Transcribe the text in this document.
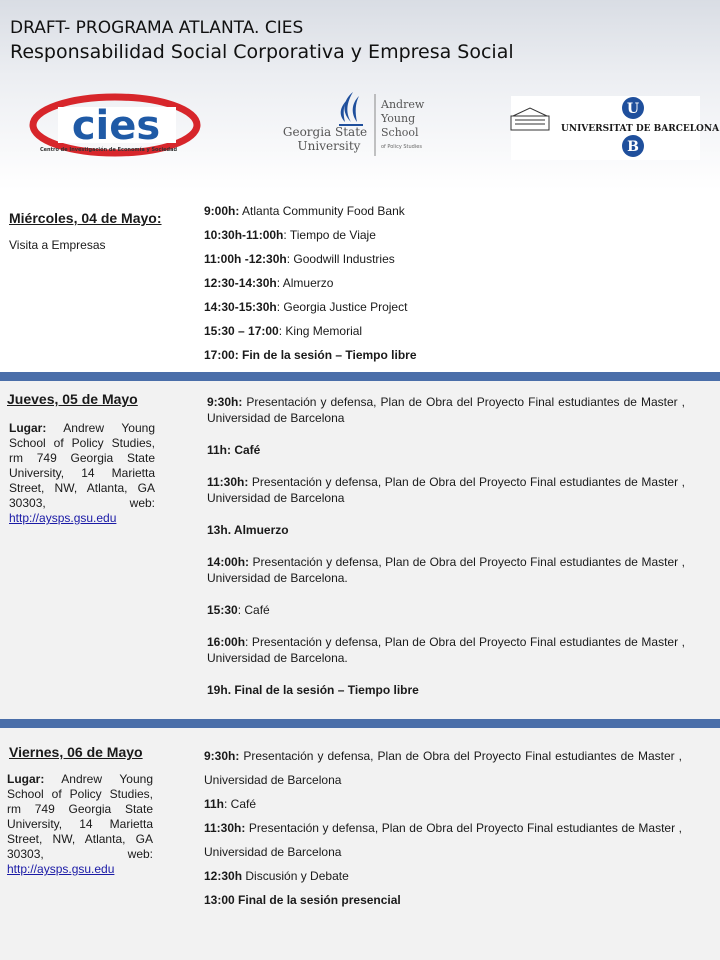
DRAFT- PROGRAMA ATLANTA. CIES
Responsabilidad Social Corporativa y Empresa Social
cies
Centro de Investigación de Economía y Sociedad
Georgia State
University
Andrew
Young
School
of Policy Studies
U
B
UNIVERSITAT DE BARCELONA
Miércoles, 04 de Mayo:
Visita a Empresas
9:00h: Atlanta Community Food Bank
10:30h-11:00h: Tiempo de Viaje
11:00h -12:30h: Goodwill Industries
12:30-14:30h: Almuerzo
14:30-15:30h: Georgia Justice Project
15:30 – 17:00: King Memorial
17:00: Fin de la sesión – Tiempo libre
Jueves, 05 de Mayo
Lugar: Andrew Young School of Policy Studies, rm 749 Georgia State University, 14 Marietta Street, NW, Atlanta, GA 30303, web: http://aysps.gsu.edu
9:30h: Presentación y defensa, Plan de Obra del Proyecto Final estudiantes de Master , Universidad de Barcelona
11h: Café
11:30h: Presentación y defensa, Plan de Obra del Proyecto Final estudiantes de Master , Universidad de Barcelona
13h. Almuerzo
14:00h: Presentación y defensa, Plan de Obra del Proyecto Final estudiantes de Master , Universidad de Barcelona.
15:30: Café
16:00h: Presentación y defensa, Plan de Obra del Proyecto Final estudiantes de Master , Universidad de Barcelona.
19h. Final de la sesión – Tiempo libre
Viernes, 06 de Mayo
Lugar: Andrew Young School of Policy Studies, rm 749 Georgia State University, 14 Marietta Street, NW, Atlanta, GA 30303, web: http://aysps.gsu.edu
9:30h: Presentación y defensa, Plan de Obra del Proyecto Final estudiantes de Master , Universidad de Barcelona
11h: Café
11:30h: Presentación y defensa, Plan de Obra del Proyecto Final estudiantes de Master , Universidad de Barcelona
12:30h Discusión y Debate
13:00 Final de la sesión presencial
